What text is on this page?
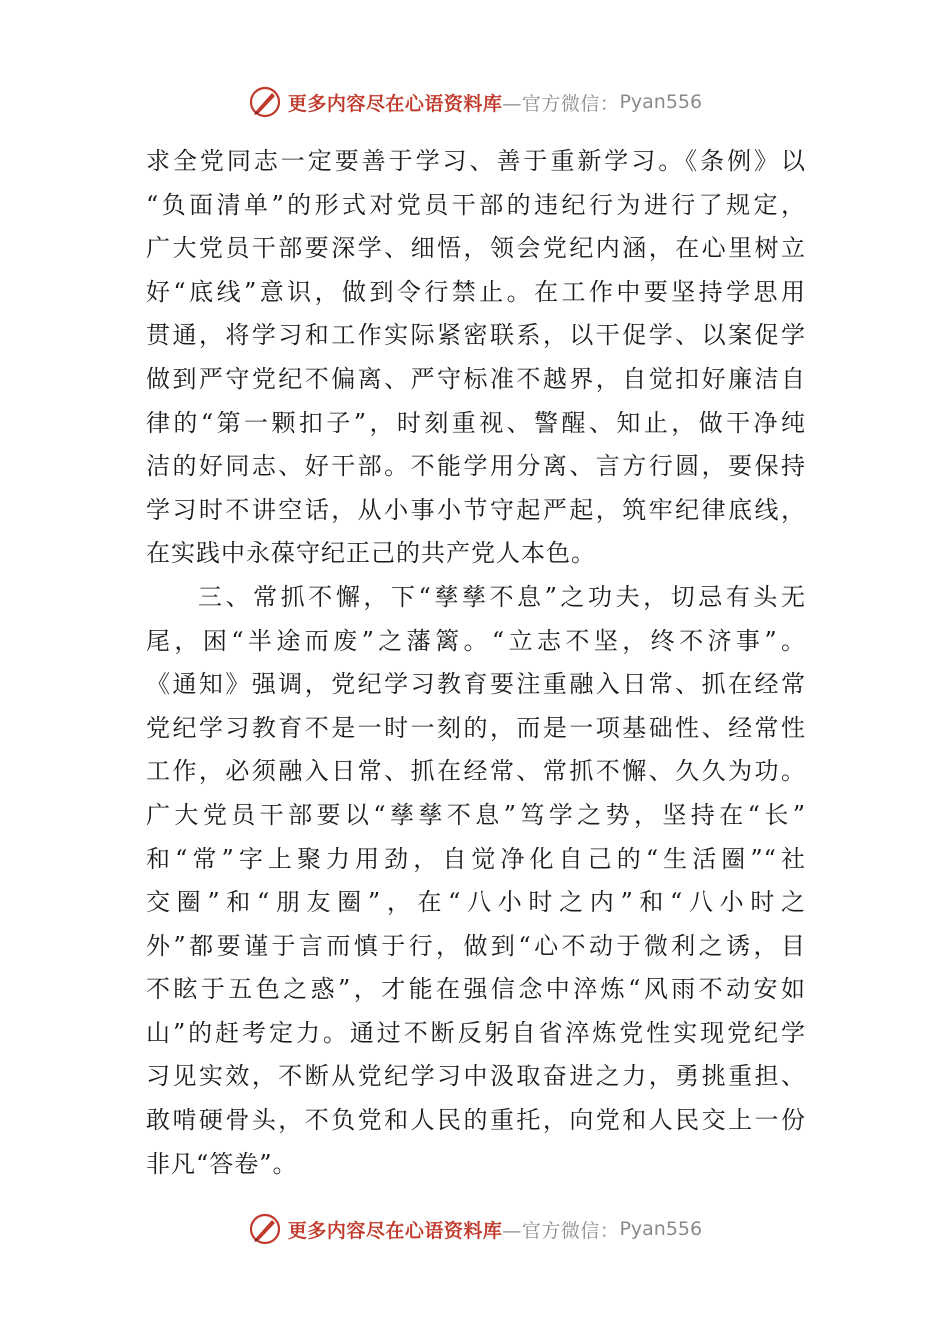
更多内容尽在心语资料库 —官方微信： Pyan556
求全党同志一定要善于学习、善于重新学习。《条例》以
“负面清单”的形式对党员干部的违纪行为进行了规定，
广大党员干部要深学、细悟，领会党纪内涵，在心里树立
好“底线”意识，做到令行禁止。在工作中要坚持学思用
贯通，将学习和工作实际紧密联系，以干促学、以案促学
做到严守党纪不偏离、严守标准不越界，自觉扣好廉洁自
律的“第一颗扣子”，时刻重视、警醒、知止，做干净纯
洁的好同志、好干部。不能学用分离、言方行圆，要保持
学习时不讲空话，从小事小节守起严起，筑牢纪律底线，
在实践中永葆守纪正己的共产党人本色。
三、常抓不懈，下“孳孳不息”之功夫，切忌有头无
尾，困“半途而废”之藩篱。“立志不坚，终不济事”。
《通知》强调，党纪学习教育要注重融入日常、抓在经常
党纪学习教育不是一时一刻的，而是一项基础性、经常性
工作，必须融入日常、抓在经常、常抓不懈、久久为功。
广大党员干部要以“孳孳不息”笃学之势，坚持在“长”
和“常”字上聚力用劲，自觉净化自己的“生活圈”“社
交圈”和“朋友圈”，在“八小时之内”和“八小时之
外”都要谨于言而慎于行，做到“心不动于微利之诱，目
不眩于五色之惑”，才能在强信念中淬炼“风雨不动安如
山”的赶考定力。通过不断反躬自省淬炼党性实现党纪学
习见实效，不断从党纪学习中汲取奋进之力，勇挑重担、
敢啃硬骨头，不负党和人民的重托，向党和人民交上一份
非凡“答卷”。
更多内容尽在心语资料库 —官方微信： Pyan556
